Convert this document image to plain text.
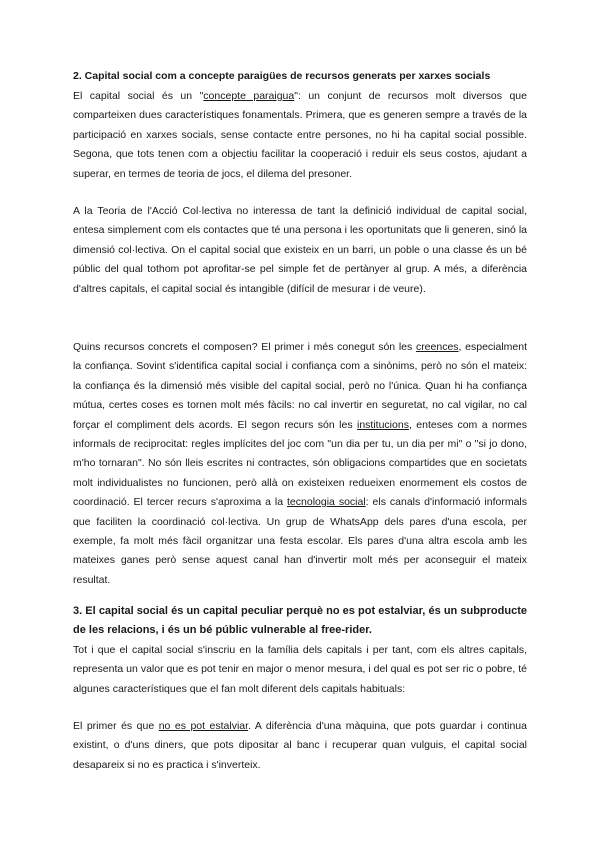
2. Capital social com a concepte paraigües de recursos generats per xarxes socials

El capital social és un "concepte paraigua": un conjunt de recursos molt diversos que comparteixen dues característiques fonamentals. Primera, que es generen sempre a través de la participació en xarxes socials, sense contacte entre persones, no hi ha capital social possible. Segona, que tots tenen com a objectiu facilitar la cooperació i reduir els seus costos, ajudant a superar, en termes de teoria de jocs, el dilema del presoner.

A la Teoria de l'Acció Col·lectiva no interessa de tant la definició individual de capital social, entesa simplement com els contactes que té una persona i les oportunitats que li generen, sinó la dimensió col·lectiva. On el capital social que existeix en un barri, un poble o una classe és un bé públic del qual tothom pot aprofitar-se pel simple fet de pertànyer al grup. A més, a diferència d'altres capitals, el capital social és intangible (difícil de mesurar i de veure).

Quins recursos concrets el composen? El primer i més conegut són les creences, especialment la confiança. Sovint s'identifica capital social i confiança com a sinònims, però no són el mateix: la confiança és la dimensió més visible del capital social, però no l'única. Quan hi ha confiança mútua, certes coses es tornen molt més fàcils: no cal invertir en seguretat, no cal vigilar, no cal forçar el compliment dels acords. El segon recurs són les institucions, enteses com a normes informals de reciprocitat: regles implícites del joc com "un dia per tu, un dia per mi" o "si jo dono, m'ho tornaran". No són lleis escrites ni contractes, són obligacions compartides que en societats molt individualistes no funcionen, però allà on existeixen redueixen enormement els costos de coordinació. El tercer recurs s'aproxima a la tecnologia social: els canals d'informació informals que faciliten la coordinació col·lectiva. Un grup de WhatsApp dels pares d'una escola, per exemple, fa molt més fàcil organitzar una festa escolar. Els pares d'una altra escola amb les mateixes ganes però sense aquest canal han d'invertir molt més per aconseguir el mateix resultat.

3. El capital social és un capital peculiar perquè no es pot estalviar, és un subproducte de les relacions, i és un bé públic vulnerable al free-rider.

Tot i que el capital social s'inscriu en la família dels capitals i per tant, com els altres capitals, representa un valor que es pot tenir en major o menor mesura, i del qual es pot ser ric o pobre, té algunes característiques que el fan molt diferent dels capitals habituals:

El primer és que no es pot estalviar. A diferència d'una màquina, que pots guardar i continua existint, o d'uns diners, que pots dipositar al banc i recuperar quan vulguis, el capital social desapareix si no es practica i s'inverteix.
